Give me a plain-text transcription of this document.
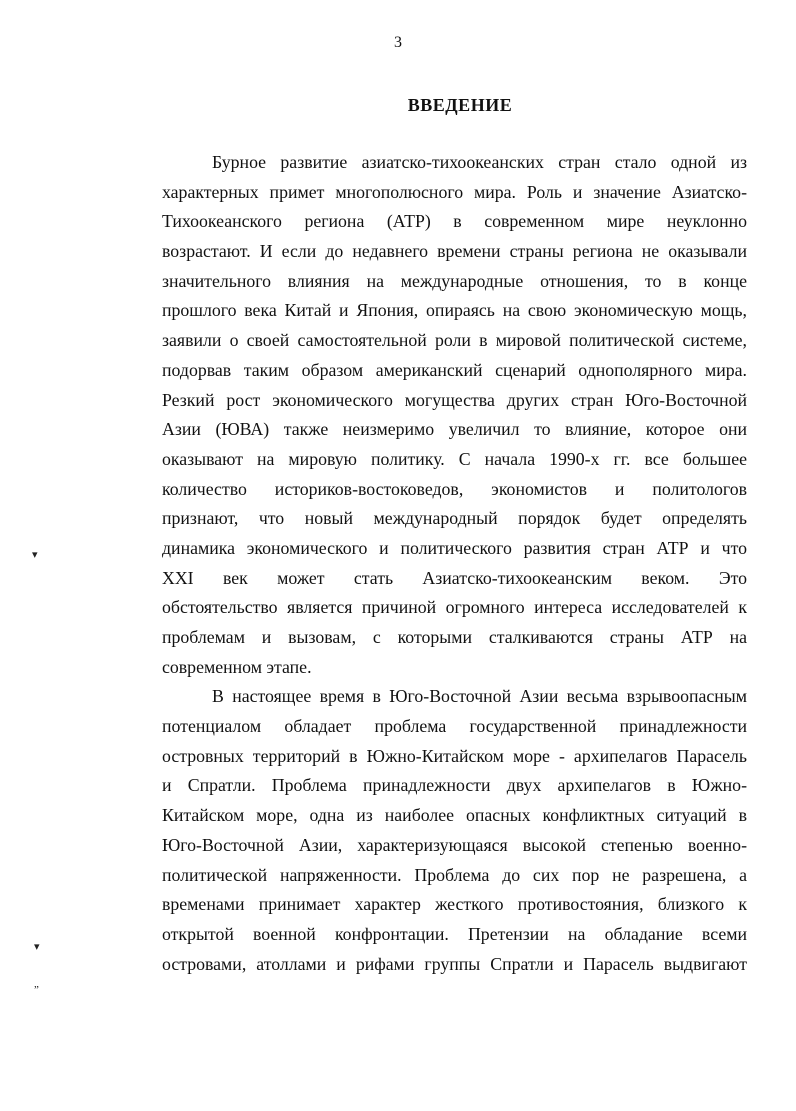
3
ВВЕДЕНИЕ
Бурное развитие азиатско-тихоокеанских стран стало одной из
характерных примет многополюсного мира. Роль и значение Азиатско-
Тихоокеанского региона (АТР) в современном мире неуклонно
возрастают. И если до недавнего времени страны региона не оказывали
значительного влияния на международные отношения, то в конце
прошлого века Китай и Япония, опираясь на свою экономическую мощь,
заявили о своей самостоятельной роли в мировой политической системе,
подорвав таким образом американский сценарий однополярного мира.
Резкий рост экономического могущества других стран Юго-Восточной
Азии (ЮВА) также неизмеримо увеличил то влияние, которое они
оказывают на мировую политику. С начала 1990-х гг. все большее
количество историков-востоковедов, экономистов и политологов
признают, что новый международный порядок будет определять
динамика экономического и политического развития стран АТР и что
XXI век может стать Азиатско-тихоокеанским веком. Это
обстоятельство является причиной огромного интереса исследователей к
проблемам и вызовам, с которыми сталкиваются страны АТР на
современном этапе.
В настоящее время в Юго-Восточной Азии весьма взрывоопасным
потенциалом обладает проблема государственной принадлежности
островных территорий в Южно-Китайском море - архипелагов Парасель
и Спратли. Проблема принадлежности двух архипелагов в Южно-
Китайском море, одна из наиболее опасных конфликтных ситуаций в
Юго-Восточной Азии, характеризующаяся высокой степенью военно-
политической напряженности. Проблема до сих пор не разрешена, а
временами принимает характер жесткого противостояния, близкого к
открытой военной конфронтации. Претензии на обладание всеми
островами, атоллами и рифами группы Спратли и Парасель выдвигают
▾
▾
„
